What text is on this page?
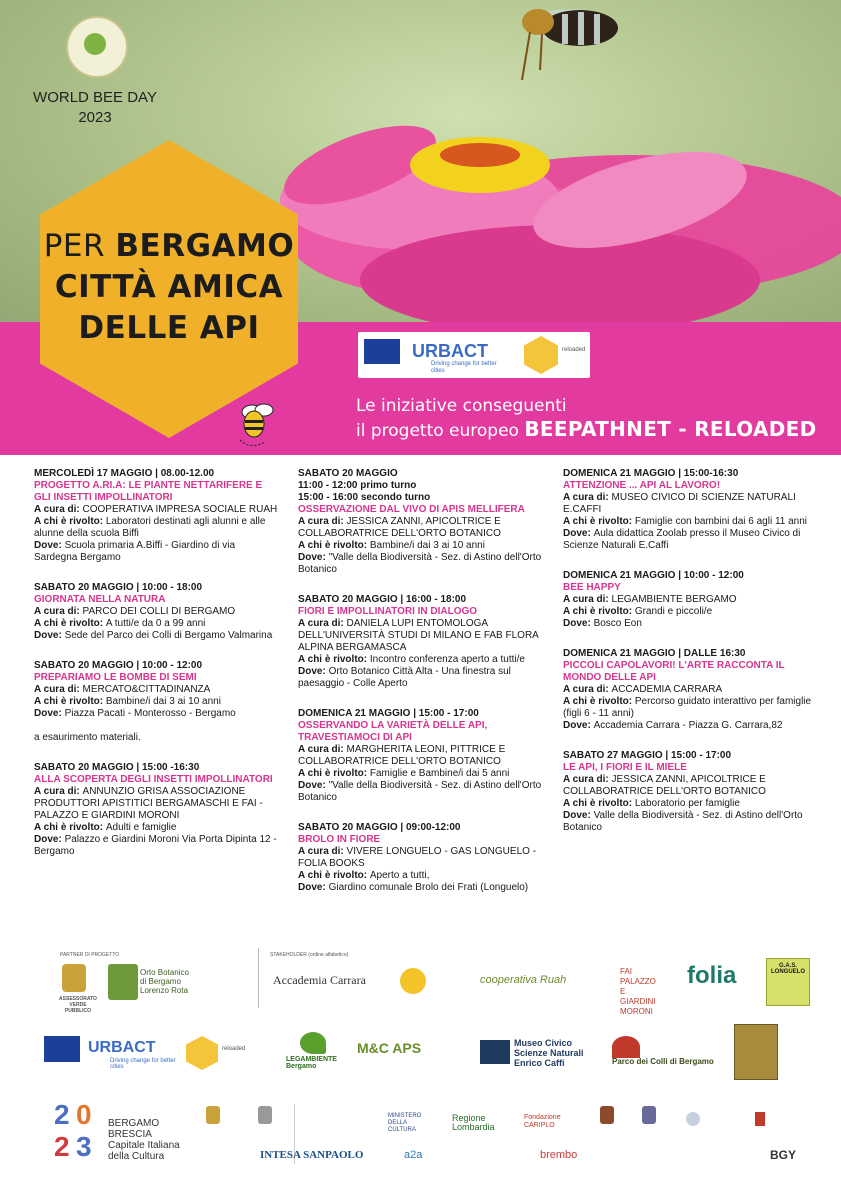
WORLD BEE DAY
2023
PER BERGAMO
CITTÀ AMICA
DELLE API
URBACT
Driving change for better cities
reloaded
Le iniziative conseguenti
il progetto europeo BEEPATHNET - RELOADED

MERCOLEDÌ 17 MAGGIO | 08.00-12.00

PROGETTO A.RI.A: LE PIANTE NETTARIFERE E GLI INSETTI IMPOLLINATORI

A cura di: COOPERATIVA IMPRESA SOCIALE RUAH

A chi è rivolto: Laboratori destinati agli alunni e alle alunne della scuola Biffi

Dove: Scuola primaria A.Biffi - Giardino di via Sardegna Bergamo

SABATO 20 MAGGIO | 10:00 - 18:00

GIORNATA NELLA NATURA

A cura di: PARCO DEI COLLI DI BERGAMO

A chi è rivolto: A tutti/e da 0 a 99 anni

Dove: Sede del Parco dei Colli di Bergamo Valmarina

SABATO 20 MAGGIO | 10:00 - 12:00

PREPARIAMO LE BOMBE DI SEMI

A cura di: MERCATO&CITTADINANZA

A chi è rivolto: Bambine/i dai 3 ai 10 anni

Dove: Piazza Pacati - Monterosso - Bergamo

a esaurimento materiali.

SABATO 20 MAGGIO | 15:00 -16:30

ALLA SCOPERTA DEGLI INSETTI IMPOLLINATORI

A cura di: ANNUNZIO GRISA ASSOCIAZIONE PRODUTTORI APISTITICI BERGAMASCHI E FAI - PALAZZO E GIARDINI MORONI

A chi è rivolto: Adulti e famiglie

Dove: Palazzo e Giardini Moroni Via Porta Dipinta 12 - Bergamo

SABATO 20 MAGGIO

11:00 - 12:00 primo turno

15:00 - 16:00 secondo turno

OSSERVAZIONE DAL VIVO DI APIS MELLIFERA

A cura di: JESSICA ZANNI, APICOLTRICE E COLLABORATRICE DELL'ORTO BOTANICO

A chi è rivolto: Bambine/i dai 3 ai 10 anni

Dove: "Valle della Biodiversità - Sez. di Astino dell'Orto Botanico

SABATO 20 MAGGIO | 16:00 - 18:00

FIORI E IMPOLLINATORI IN DIALOGO

A cura di: DANIELA LUPI ENTOMOLOGA DELL'UNIVERSITÀ STUDI DI MILANO E FAB FLORA ALPINA BERGAMASCA

A chi è rivolto: Incontro conferenza aperto a tutti/e

Dove: Orto Botanico Città Alta - Una finestra sul paesaggio - Colle Aperto

DOMENICA 21 MAGGIO | 15:00 - 17:00

OSSERVANDO LA VARIETÀ DELLE API, TRAVESTIAMOCI DI API

A cura di: MARGHERITA LEONI, PITTRICE E COLLABORATRICE DELL'ORTO BOTANICO

A chi è rivolto: Famiglie e Bambine/i dai 5 anni

Dove: "Valle della Biodiversità - Sez. di Astino dell'Orto Botanico

SABATO 20 MAGGIO | 09:00-12:00

BROLO IN FIORE

A cura di: VIVERE LONGUELO - GAS LONGUELO - FOLIA BOOKS

A chi è rivolto: Aperto a tutti,

Dove: Giardino comunale Brolo dei Frati (Longuelo)

DOMENICA 21 MAGGIO | 15:00-16:30

ATTENZIONE ... API AL LAVORO!

A cura di: MUSEO CIVICO DI SCIENZE NATURALI E.CAFFI

A chi è rivolto: Famiglie con bambini dai 6 agli 11 anni

Dove: Aula didattica Zoolab presso il Museo Civico di Scienze Naturali E.Caffi

DOMENICA 21 MAGGIO | 10:00 - 12:00

BEE HAPPY

A cura di: LEGAMBIENTE BERGAMO

A chi è rivolto: Grandi e piccoli/e

Dove: Bosco Eon

DOMENICA 21 MAGGIO | DALLE 16:30

PICCOLI CAPOLAVORI! L'ARTE RACCONTA IL MONDO DELLE API

A cura di: ACCADEMIA CARRARA

A chi è rivolto: Percorso guidato interattivo per famiglie (figli 6 - 11 anni)

Dove: Accademia Carrara - Piazza G. Carrara,82

SABATO 27 MAGGIO | 15:00 - 17:00

LE API, I FIORI E IL MIELE

A cura di: JESSICA ZANNI, APICOLTRICE E COLLABORATRICE DELL'ORTO BOTANICO

A chi è rivolto: Laboratorio per famiglie

Dove: Valle della Biodiversità - Sez. di Astino dell'Orto Botanico

PARTNER DI PROGETTO	STAKEHOLDER (ordine alfabetico)
ASSESSORATO VERDE PUBBLICO
Orto Botanico di Bergamo Lorenzo Rota
Accademia Carrara	cooperativa Ruah
FAI PALAZZO E GIARDINI MORONI
folia	G.A.S. LONGUELO
URBACT
Driving change for better cities
reloaded
LEGAMBIENTE Bergamo
M&C APS	Museo Civico Scienze Naturali Enrico Caffi	Parco dei Colli di Bergamo
2 0
2 3
BERGAMO
BRESCIA
Capitale Italiana
della Cultura
MINISTERO DELLA CULTURA
Regione Lombardia
Fondazione CARIPLO
INTESA SANPAOLO	a2a	brembo	BGY
